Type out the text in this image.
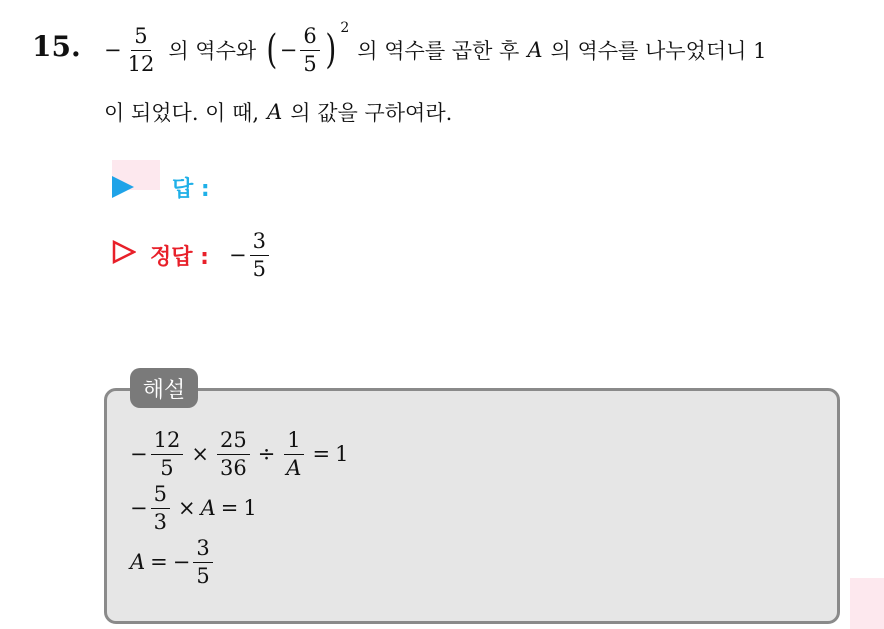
15. − $\frac{5}{12}$ 의 역수와 ( − $\frac{6}{5}$ ) 2
의 역수를 곱한 후 A 의 역수를 나누었더니 1
이 되었다. 이 때, A 의 값을 구하여라.
답 :
정답 : − $\frac{3}{5}$
해설
− $\frac{12}{5} \times \frac{25}{36} \div \frac{1}{A} = 1$
− $\frac{5}{3} \times A = 1$
A = − $\frac{3}{5}$
